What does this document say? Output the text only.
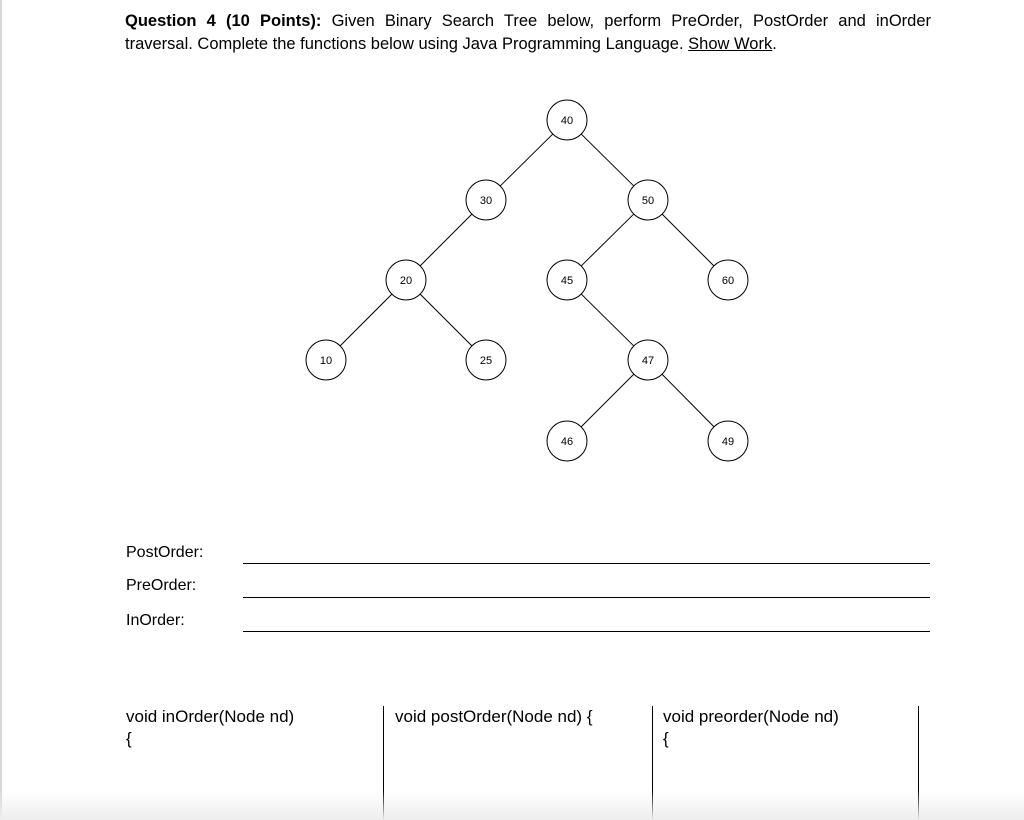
Question 4 (10 Points): Given Binary Search Tree below, perform PreOrder, PostOrder and inOrder traversal. Complete the functions below using Java Programming Language. Show Work.
40
30	50
20	45	60
10	25	47
46	49
PostOrder:
PreOrder:
InOrder:
void inOrder(Node nd)
{
void postOrder(Node nd) {	void preorder(Node nd)
{
